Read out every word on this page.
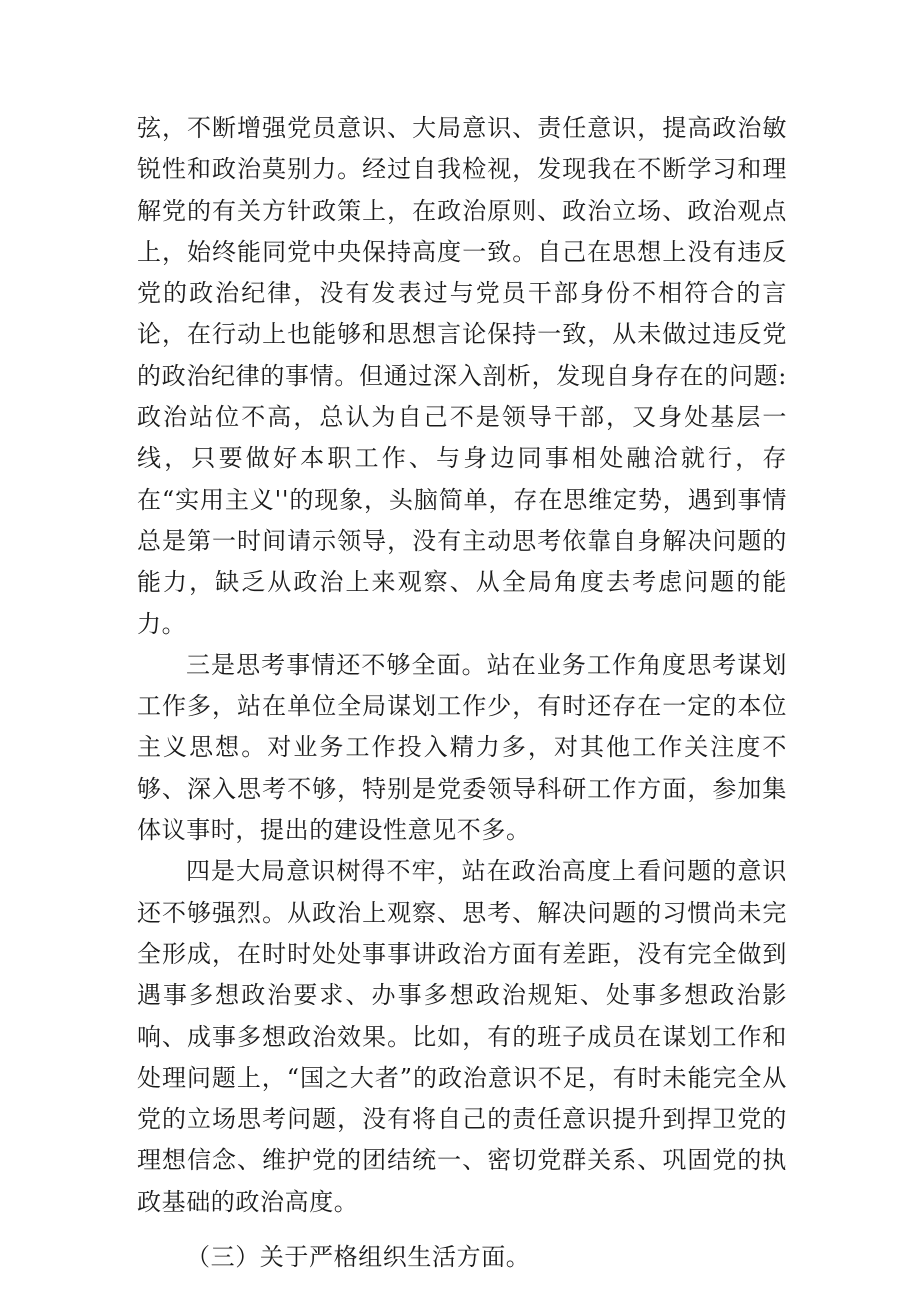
弦，不断增强党员意识、大局意识、责任意识，提高政治敏锐性和政治莫别力。经过自我检视，发现我在不断学习和理解党的有关方针政策上，在政治原则、政治立场、政治观点上，始终能同党中央保持高度一致。自己在思想上没有违反党的政治纪律，没有发表过与党员干部身份不相符合的言论，在行动上也能够和思想言论保持一致，从未做过违反党的政治纪律的事情。但通过深入剖析，发现自身存在的问题:政治站位不高，总认为自己不是领导干部，又身处基层一线，只要做好本职工作、与身边同事相处融洽就行，存在“实用主义''的现象，头脑简单，存在思维定势，遇到事情总是第一时间请示领导，没有主动思考依靠自身解决问题的能力，缺乏从政治上来观察、从全局角度去考虑问题的能力。

三是思考事情还不够全面。站在业务工作角度思考谋划工作多，站在单位全局谋划工作少，有时还存在一定的本位主义思想。对业务工作投入精力多，对其他工作关注度不够、深入思考不够，特别是党委领导科研工作方面，参加集体议事时，提出的建设性意见不多。

四是大局意识树得不牢，站在政治高度上看问题的意识还不够强烈。从政治上观察、思考、解决问题的习惯尚未完全形成，在时时处处事事讲政治方面有差距，没有完全做到遇事多想政治要求、办事多想政治规矩、处事多想政治影响、成事多想政治效果。比如，有的班子成员在谋划工作和处理问题上，“国之大者”的政治意识不足，有时未能完全从党的立场思考问题，没有将自己的责任意识提升到捍卫党的理想信念、维护党的团结统一、密切党群关系、巩固党的执政基础的政治高度。

（三）关于严格组织生活方面。
